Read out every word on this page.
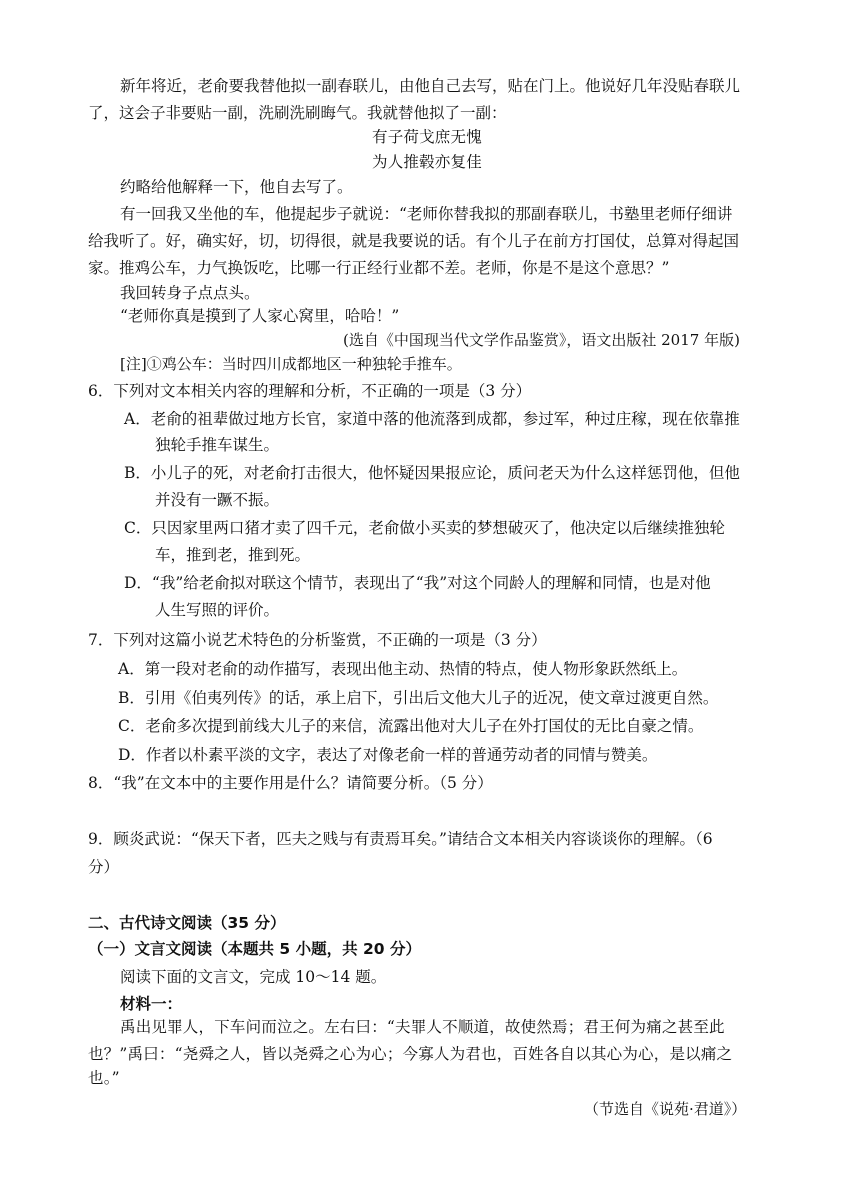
新年将近，老俞要我替他拟一副春联儿，由他自己去写，贴在门上。他说好几年没贴春联儿
了，这会子非要贴一副，洗刷洗刷晦气。我就替他拟了一副：
有子荷戈庶无愧
为人推毂亦复佳
约略给他解释一下，他自去写了。
有一回我又坐他的车，他提起步子就说：“老师你替我拟的那副春联儿，书塾里老师仔细讲
给我听了。好，确实好，切，切得很，就是我要说的话。有个儿子在前方打国仗，总算对得起国
家。推鸡公车，力气换饭吃，比哪一行正经行业都不差。老师，你是不是这个意思？”
我回转身子点点头。
“老师你真是摸到了人家心窝里，哈哈！”
(选自《中国现当代文学作品鉴赏》，语文出版社 2017 年版)
[注]①鸡公车：当时四川成都地区一种独轮手推车。
6．下列对文本相关内容的理解和分析，不正确的一项是（3 分）
A．老俞的祖辈做过地方长官，家道中落的他流落到成都，参过军，种过庄稼，现在依靠推
独轮手推车谋生。
B．小儿子的死，对老俞打击很大，他怀疑因果报应论，质问老天为什么这样惩罚他，但他
并没有一蹶不振。
C．只因家里两口猪才卖了四千元，老俞做小买卖的梦想破灭了，他决定以后继续推独轮
车，推到老，推到死。
D．“我”给老俞拟对联这个情节，表现出了“我”对这个同龄人的理解和同情，也是对他
人生写照的评价。
7．下列对这篇小说艺术特色的分析鉴赏，不正确的一项是（3 分）
A．第一段对老俞的动作描写，表现出他主动、热情的特点，使人物形象跃然纸上。
B．引用《伯夷列传》的话，承上启下，引出后文他大儿子的近况，使文章过渡更自然。
C．老俞多次提到前线大儿子的来信，流露出他对大儿子在外打国仗的无比自豪之情。
D．作者以朴素平淡的文字，表达了对像老俞一样的普通劳动者的同情与赞美。
8．“我”在文本中的主要作用是什么？请简要分析。（5 分）
9．顾炎武说：“保天下者，匹夫之贱与有责焉耳矣。”请结合文本相关内容谈谈你的理解。（6
分）
二、古代诗文阅读（35 分）
（一）文言文阅读（本题共 5 小题，共 20 分）
阅读下面的文言文，完成 10～14 题。
材料一：
禹出见罪人，下车问而泣之。左右曰：“夫罪人不顺道，故使然焉；君王何为痛之甚至此
也？”禹曰：“尧舜之人，皆以尧舜之心为心；今寡人为君也，百姓各自以其心为心，是以痛之
也。”
（节选自《说苑·君道》）
